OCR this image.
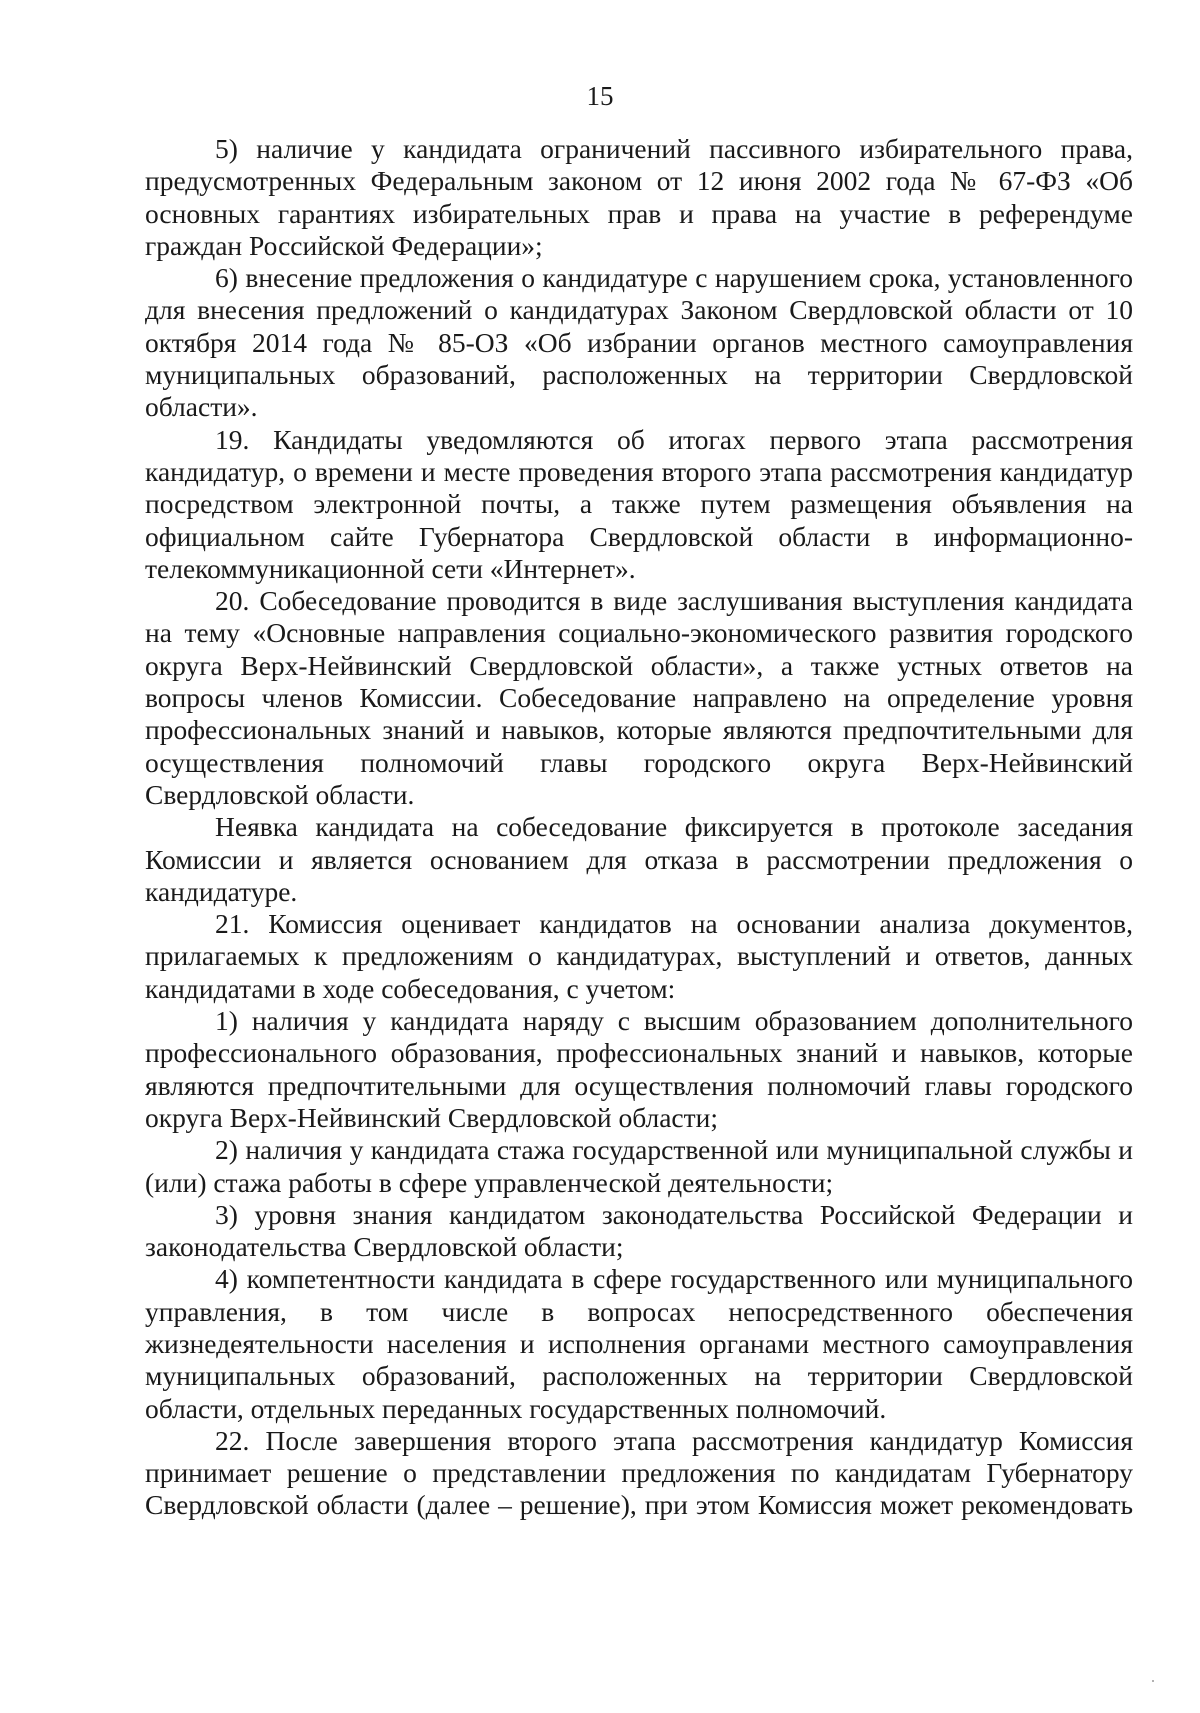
15

5) наличие у кандидата ограничений пассивного избирательного права, предусмотренных Федеральным законом от 12 июня 2002 года № 67-ФЗ «Об основных гарантиях избирательных прав и права на участие в референдуме граждан Российской Федерации»;

6) внесение предложения о кандидатуре с нарушением срока, установленного для внесения предложений о кандидатурах Законом Свердловской области от 10 октября 2014 года № 85-ОЗ «Об избрании органов местного самоуправления муниципальных образований, расположенных на территории Свердловской области».

19. Кандидаты уведомляются об итогах первого этапа рассмотрения кандидатур, о времени и месте проведения второго этапа рассмотрения кандидатур посредством электронной почты, а также путем размещения объявления на официальном сайте Губернатора Свердловской области в информационно-телекоммуникационной сети «Интернет».

20. Собеседование проводится в виде заслушивания выступления кандидата на тему «Основные направления социально-экономического развития городского округа Верх-Нейвинский Свердловской области», а также устных ответов на вопросы членов Комиссии. Собеседование направлено на определение уровня профессиональных знаний и навыков, которые являются предпочтительными для осуществления полномочий главы городского округа Верх-Нейвинский Свердловской области.

Неявка кандидата на собеседование фиксируется в протоколе заседания Комиссии и является основанием для отказа в рассмотрении предложения о кандидатуре.

21. Комиссия оценивает кандидатов на основании анализа документов, прилагаемых к предложениям о кандидатурах, выступлений и ответов, данных кандидатами в ходе собеседования, с учетом:

1) наличия у кандидата наряду с высшим образованием дополнительного профессионального образования, профессиональных знаний и навыков, которые являются предпочтительными для осуществления полномочий главы городского округа Верх-Нейвинский Свердловской области;

2) наличия у кандидата стажа государственной или муниципальной службы и (или) стажа работы в сфере управленческой деятельности;

3) уровня знания кандидатом законодательства Российской Федерации и законодательства Свердловской области;

4) компетентности кандидата в сфере государственного или муниципального управления, в том числе в вопросах непосредственного обеспечения жизнедеятельности населения и исполнения органами местного самоуправления муниципальных образований, расположенных на территории Свердловской области, отдельных переданных государственных полномочий.

22. После завершения второго этапа рассмотрения кандидатур Комиссия принимает решение о представлении предложения по кандидатам Губернатору Свердловской области (далее – решение), при этом Комиссия может рекомендовать
